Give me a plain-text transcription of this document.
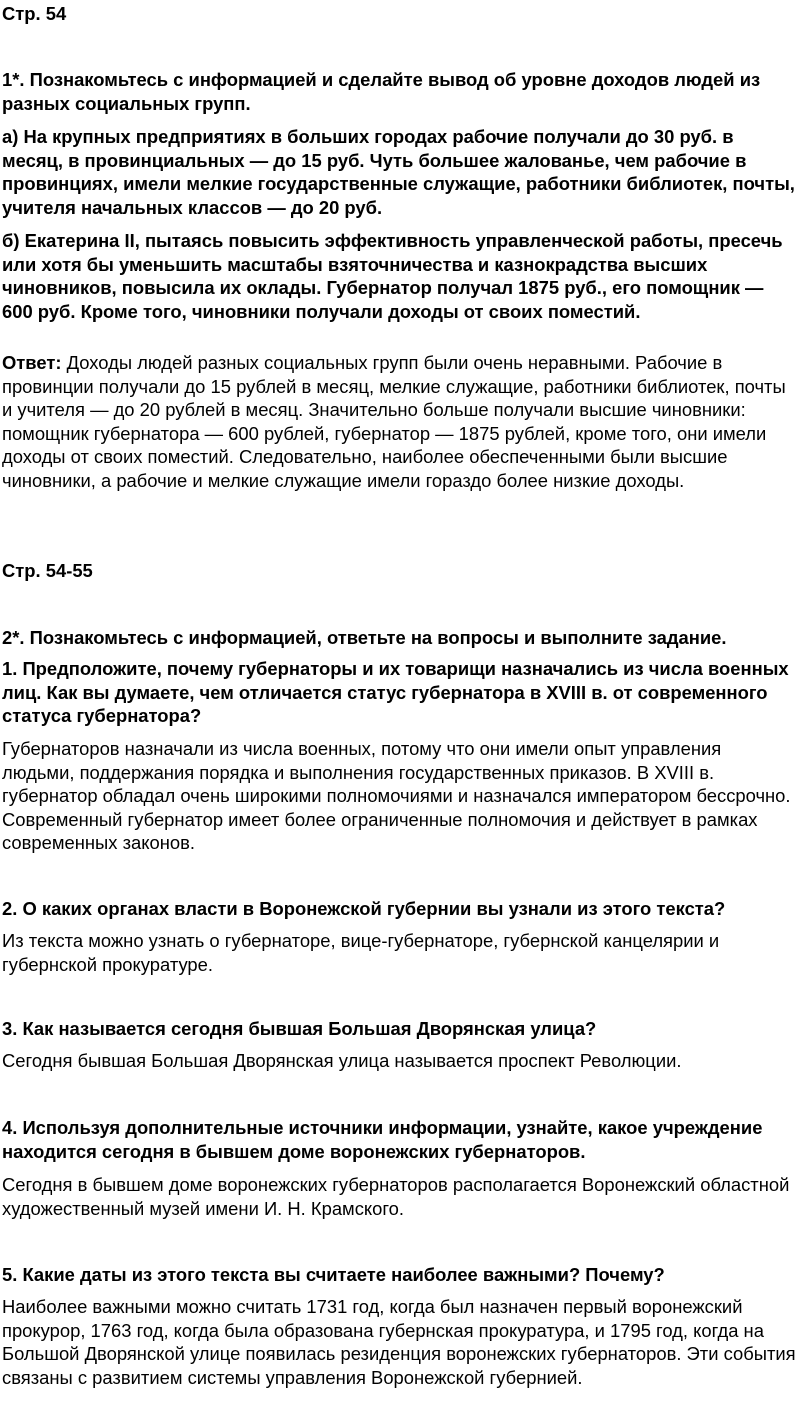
Стр. 54

1*. Познакомьтесь с информацией и сделайте вывод об уровне доходов людей из разных социальных групп.

а) На крупных предприятиях в больших городах рабочие получали до 30 руб. в месяц, в провинциальных — до 15 руб. Чуть большее жалованье, чем рабочие в провинциях, имели мелкие государственные служащие, работники библиотек, почты, учителя начальных классов — до 20 руб.

б) Екатерина II, пытаясь повысить эффективность управленческой работы, пресечь или хотя бы уменьшить масштабы взяточничества и казнокрадства высших чиновников, повысила их оклады. Губернатор получал 1875 руб., его помощник — 600 руб. Кроме того, чиновники получали доходы от своих поместий.

Ответ: Доходы людей разных социальных групп были очень неравными. Рабочие в провинции получали до 15 рублей в месяц, мелкие служащие, работники библиотек, почты и учителя — до 20 рублей в месяц. Значительно больше получали высшие чиновники: помощник губернатора — 600 рублей, губернатор — 1875 рублей, кроме того, они имели доходы от своих поместий. Следовательно, наиболее обеспеченными были высшие чиновники, а рабочие и мелкие служащие имели гораздо более низкие доходы.

Стр. 54-55

2*. Познакомьтесь с информацией, ответьте на вопросы и выполните задание.

1. Предположите, почему губернаторы и их товарищи назначались из числа военных лиц. Как вы думаете, чем отличается статус губернатора в XVIII в. от современного статуса губернатора?

Губернаторов назначали из числа военных, потому что они имели опыт управления людьми, поддержания порядка и выполнения государственных приказов. В XVIII в. губернатор обладал очень широкими полномочиями и назначался императором бессрочно. Современный губернатор имеет более ограниченные полномочия и действует в рамках современных законов.

2. О каких органах власти в Воронежской губернии вы узнали из этого текста?

Из текста можно узнать о губернаторе, вице-губернаторе, губернской канцелярии и губернской прокуратуре.

3. Как называется сегодня бывшая Большая Дворянская улица?

Сегодня бывшая Большая Дворянская улица называется проспект Революции.

4. Используя дополнительные источники информации, узнайте, какое учреждение находится сегодня в бывшем доме воронежских губернаторов.

Сегодня в бывшем доме воронежских губернаторов располагается Воронежский областной художественный музей имени И. Н. Крамского.

5. Какие даты из этого текста вы считаете наиболее важными? Почему?

Наиболее важными можно считать 1731 год, когда был назначен первый воронежский прокурор, 1763 год, когда была образована губернская прокуратура, и 1795 год, когда на Большой Дворянской улице появилась резиденция воронежских губернаторов. Эти события связаны с развитием системы управления Воронежской губернией.
